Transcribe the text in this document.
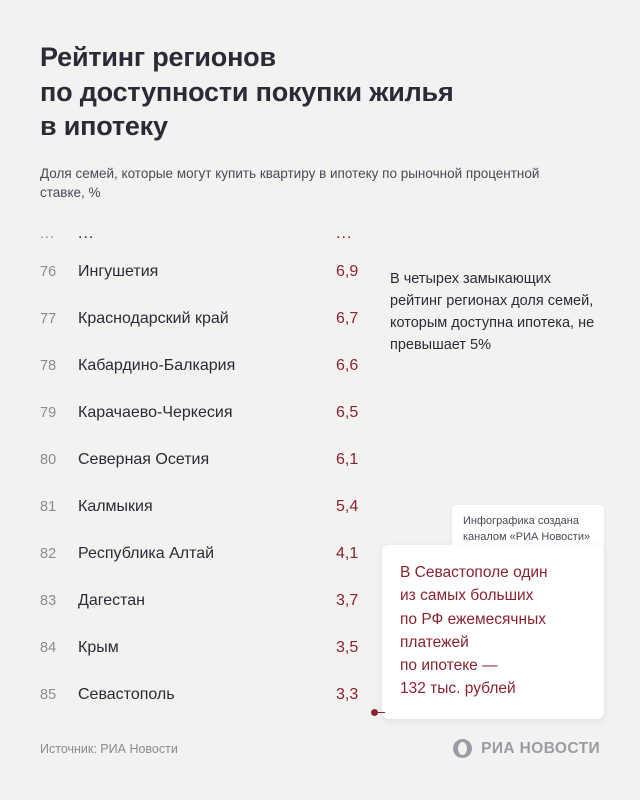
Рейтинг регионов
по доступности покупки жилья
в ипотеку
Доля семей, которые могут купить квартиру в ипотеку по рыночной процентной ставке, %
...	...	...
76	Ингушетия	6,9
77	Краснодарский край	6,7
78	Кабардино-Балкария	6,6
79	Карачаево-Черкесия	6,5
80	Северная Осетия	6,1
81	Калмыкия	5,4
82	Республика Алтай	4,1
83	Дагестан	3,7
84	Крым	3,5
85	Севастополь	3,3
В четырех замыкающих рейтинг регионах доля семей, которым доступна ипотека, не превышает 5%
Инфографика создана каналом «РИА Новости»
В Севастополе один
из самых больших
по РФ ежемесячных
платежей
по ипотеке —
132 тыс. рублей
Источник: РИА Новости	РИА НОВОСТИ
